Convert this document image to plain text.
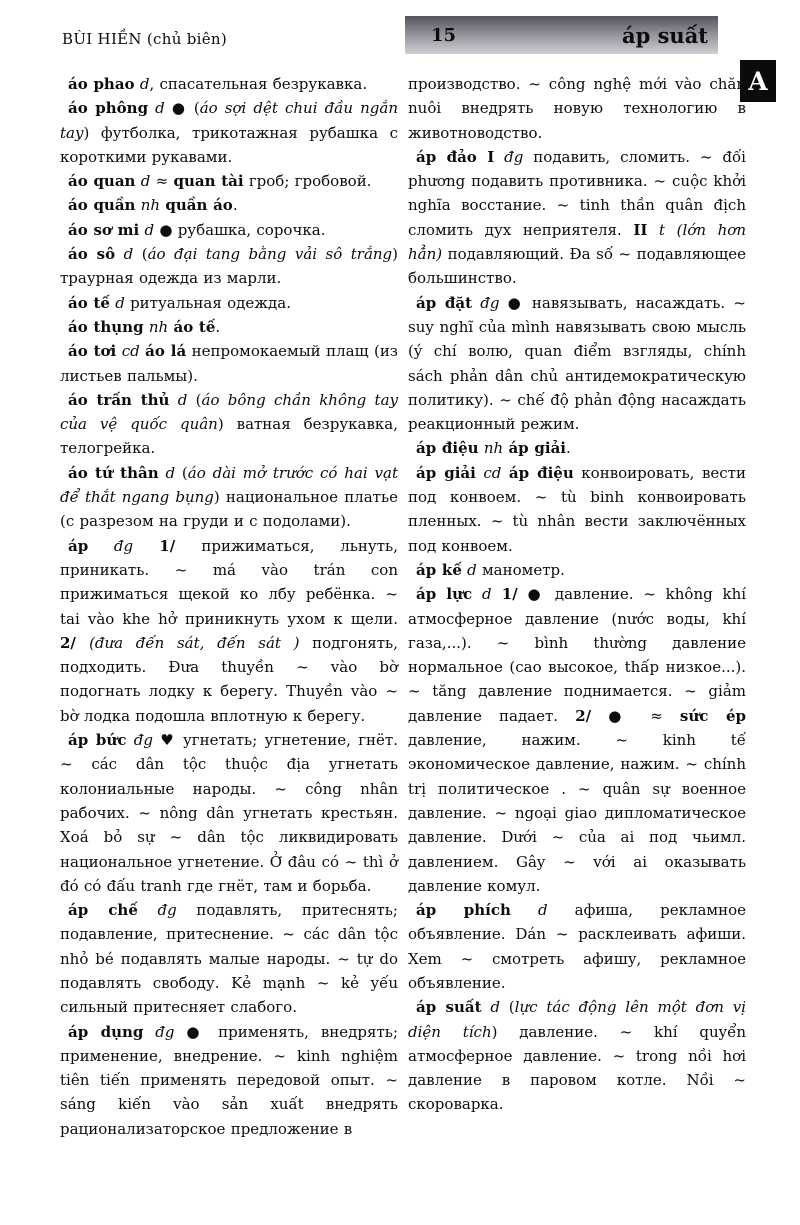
BÙI HIỀN (chủ biên)	15	áp suất
A

áo phao d, спасательная безрукавка.

áo phông d ● (áo sợi dệt chui đầu ngắn tay) футболка, трикотажная рубашка с короткими рукавами.

áo quan d ≈ quan tài гроб; гробовой.

áo quần nh quần áo.

áo sơ mi d ● рубашка, сорочка.

áo sô d (áo đại tang bằng vải sô trắng) траурная одежда из марли.

áo tế d ритуальная одежда.

áo thụng nh áo tế.

áo tơi cd áo lá непромокаемый плащ (из листьев пальмы).

áo trấn thủ d (áo bông chần không tay của vệ quốc quân) ватная безрукавка, телогрейка.

áo tứ thân d (áo dài mở trước có hai vạt để thắt ngang bụng) национальное платье (с разрезом на груди и с подолами).

áp đg 1/ прижиматься, льнуть, приникать. ~ má vào trán con прижиматься щекой ко лбу ребёнка. ~ tai vào khe hở приникнуть ухом к щели. 2/ (đưa đến sát, đến sát ) подгонять, подходить. Đưa thuyền ~ vào bờ подогнать лодку к берегу. Thuyền vào ~ bờ лодка подошла вплотную к берегу.

áp bức đg ♥ угнетать; угнетение, гнёт. ~ các dân tộc thuộc địa угнетать колониальные народы. ~ công nhân рабочих. ~ nông dân угнетать крестьян. Xoá bỏ sự ~ dân tộc ликвидировать национальное угнетение. Ở đâu có ~ thì ở đó có đấu tranh где гнёт, там и борьба.

áp chế đg подавлять, притеснять; подавление, притеснение. ~ các dân tộc nhỏ bé подавлять малые народы. ~ tự do подавлять свободу. Kẻ mạnh ~ kẻ yếu сильный притесняет слабого.

áp dụng đg ● применять, внедрять; применение, внедрение. ~ kinh nghiệm tiên tiến применять передовой опыт. ~ sáng kiến vào sản xuất внедрять рационализаторское предложение в

производство. ~ công nghệ mới vào chăn nuôi внедрять новую технологию в животноводство.

áp đảo I đg подавить, сломить. ~ đối phương подавить противника. ~ cuộc khởi nghĩa восстание. ~ tinh thần quân địch сломить дух неприятеля. II t (lớn hơn hẳn) подавляющий. Đa số ~ подавляющее большинство.

áp đặt đg ● навязывать, насаждать. ~ suy nghĩ của mình навязывать свою мысль (ý chí волю, quan điểm взгляды, chính sách phản dân chủ антидемократическую политику). ~ chế độ phản động насаждать реакционный режим.

áp điệu nh áp giải.

áp giải cd áp điệu конвоировать, вести под конвоем. ~ tù binh конвоировать пленных. ~ tù nhân вести заключённых под конвоем.

áp kế d манометр.

áp lực d 1/ ● давление. ~ không khí атмосферное давление (nước воды, khí газа,...). ~ bình thường давление нормальное (cao высокое, thấp низкое...). ~ tăng давление поднимается. ~ giảm давление падает. 2/ ● ≈ sức ép давление, нажим. ~ kinh tế экономическое давление, нажим. ~ chính trị политическое . ~ quân sự военное давление. ~ ngoại giao дипломатическое давление. Dưới ~ của ai под чьимл. давлением. Gây ~ với ai оказывать давление комул.

áp phích d афиша, рекламное объявление. Dán ~ расклеивать афиши. Xem ~ смотреть афишу, рекламное объявление.

áp suất d (lực tác động lên một đơn vị diện tích) давление. ~ khí quyển атмосферное давление. ~ trong nồi hơi давление в паровом котле. Nồi ~ скороварка.
